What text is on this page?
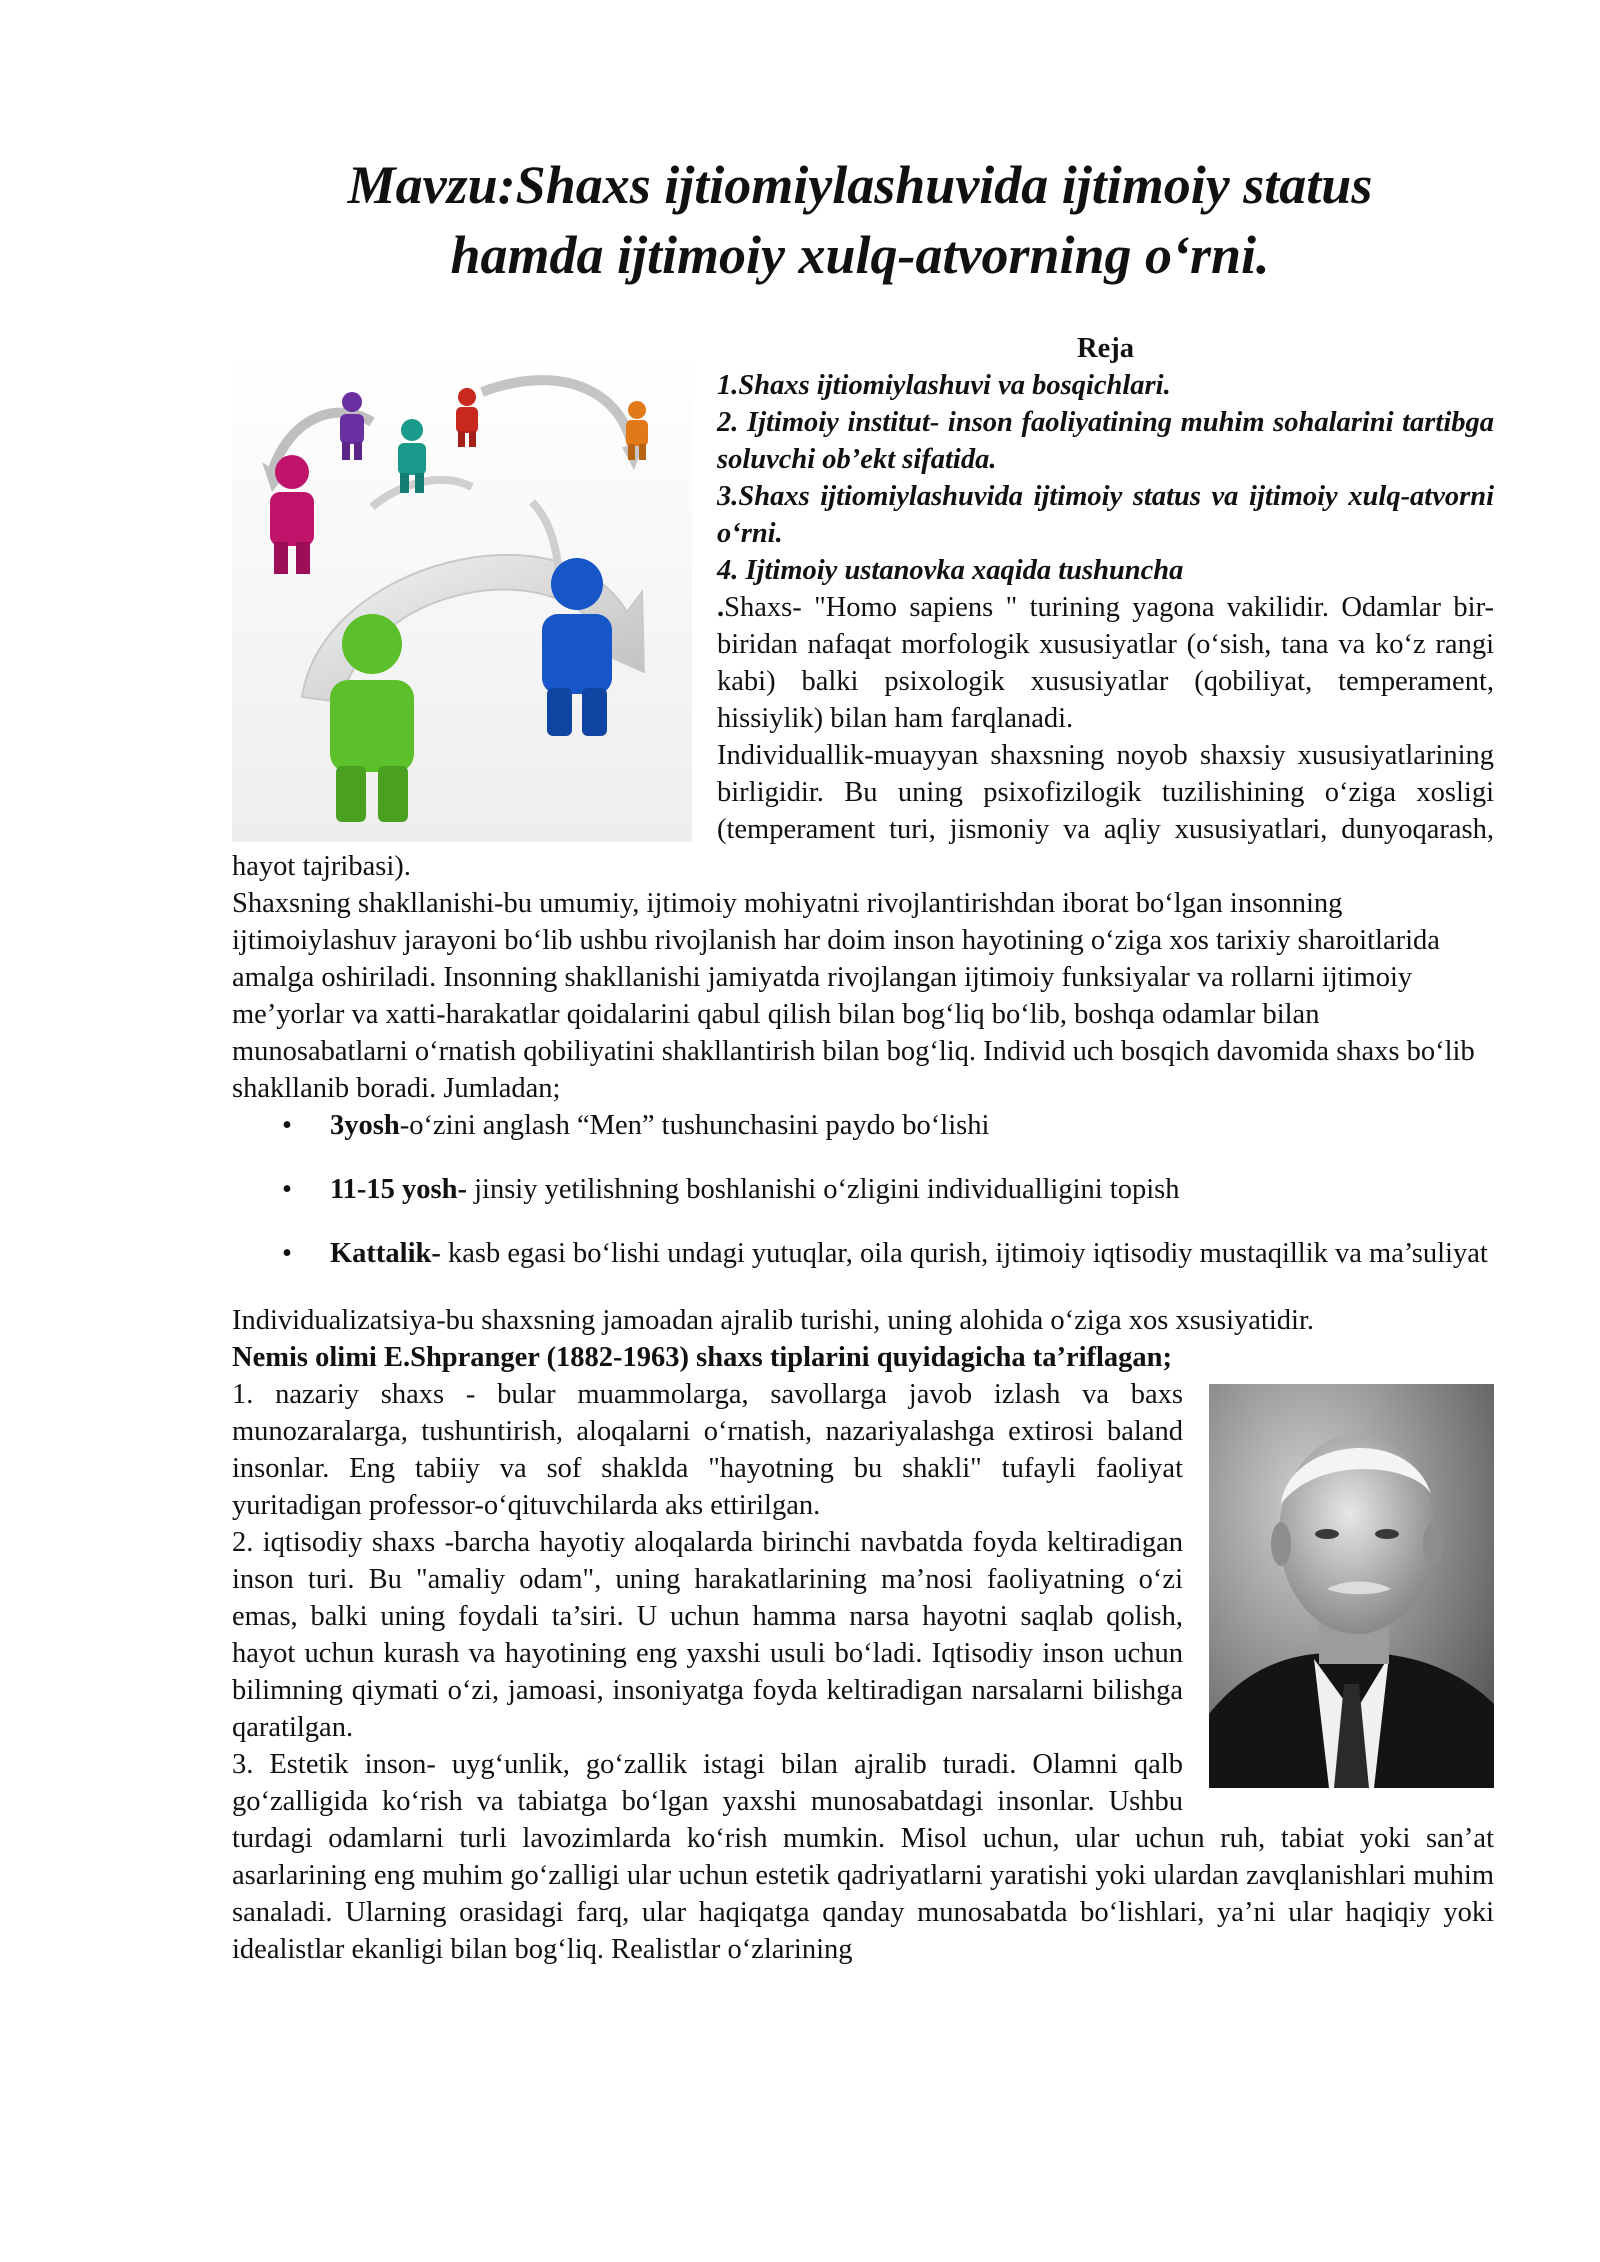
Mavzu:Shaxs ijtiomiylashuvida ijtimoiy status
hamda ijtimoiy xulq-atvorning o‘rni.

Reja

1.Shaxs ijtiomiylashuvi va bosqichlari.

2. Ijtimoiy institut- inson faoliyatining muhim sohalarini tartibga soluvchi ob’ekt sifatida.

3.Shaxs ijtiomiylashuvida ijtimoiy status va ijtimoiy xulq-atvorni o‘rni.

4. Ijtimoiy ustanovka xaqida tushuncha

.Shaxs- "Homo sapiens " turining yagona vakilidir. Odamlar bir-biridan nafaqat morfologik xususiyatlar (o‘sish, tana va ko‘z rangi kabi) balki psixologik xususiyatlar (qobiliyat, temperament, hissiylik) bilan ham farqlanadi.

Individuallik-muayyan shaxsning noyob shaxsiy xususiyatlarining birligidir. Bu uning psixofizilogik tuzilishining o‘ziga xosligi (temperament turi, jismoniy va aqliy xususiyatlari, dunyoqarash, hayot tajribasi).

Shaxsning shakllanishi-bu umumiy, ijtimoiy mohiyatni rivojlantirishdan iborat bo‘lgan insonning ijtimoiylashuv jarayoni bo‘lib ushbu rivojlanish har doim inson hayotining o‘ziga xos tarixiy sharoitlarida amalga oshiriladi. Insonning shakllanishi jamiyatda rivojlangan ijtimoiy funksiyalar va rollarni ijtimoiy me’yorlar va xatti-harakatlar qoidalarini qabul qilish bilan bog‘liq bo‘lib, boshqa odamlar bilan munosabatlarni o‘rnatish qobiliyatini shakllantirish bilan bog‘liq. Individ uch bosqich davomida shaxs bo‘lib shakllanib boradi. Jumladan;

• 3yosh-o‘zini anglash “Men” tushunchasini paydo bo‘lishi
• 11-15 yosh- jinsiy yetilishning boshlanishi o‘zligini individualligini topish
• Kattalik- kasb egasi bo‘lishi undagi yutuqlar, oila qurish, ijtimoiy iqtisodiy mustaqillik va ma’suliyat

Individualizatsiya-bu shaxsning jamoadan ajralib turishi, uning alohida o‘ziga xos xsusiyatidir.

Nemis olimi E.Shpranger (1882-1963) shaxs tiplarini quyidagicha ta’riflagan;

1. nazariy shaxs - bular muammolarga, savollarga javob izlash va baxs munozaralarga, tushuntirish, aloqalarni o‘rnatish, nazariyalashga extirosi baland insonlar. Eng tabiiy va sof shaklda "hayotning bu shakli" tufayli faoliyat yuritadigan professor-o‘qituvchilarda aks ettirilgan.

2. iqtisodiy shaxs -barcha hayotiy aloqalarda birinchi navbatda foyda keltiradigan inson turi. Bu "amaliy odam", uning harakatlarining ma’nosi faoliyatning o‘zi emas, balki uning foydali ta’siri. U uchun hamma narsa hayotni saqlab qolish, hayot uchun kurash va hayotining eng yaxshi usuli bo‘ladi. Iqtisodiy inson uchun bilimning qiymati o‘zi, jamoasi, insoniyatga foyda keltiradigan narsalarni bilishga qaratilgan.

3. Estetik inson- uyg‘unlik, go‘zallik istagi bilan ajralib turadi. Olamni qalb go‘zalligida ko‘rish va tabiatga bo‘lgan yaxshi munosabatdagi insonlar. Ushbu turdagi odamlarni turli lavozimlarda ko‘rish mumkin. Misol uchun, ular uchun ruh, tabiat yoki san’at asarlarining eng muhim go‘zalligi ular uchun estetik qadriyatlarni yaratishi yoki ulardan zavqlanishlari muhim sanaladi. Ularning orasidagi farq, ular haqiqatga qanday munosabatda bo‘lishlari, ya’ni ular haqiqiy yoki idealistlar ekanligi bilan bog‘liq. Realistlar o‘zlarining
